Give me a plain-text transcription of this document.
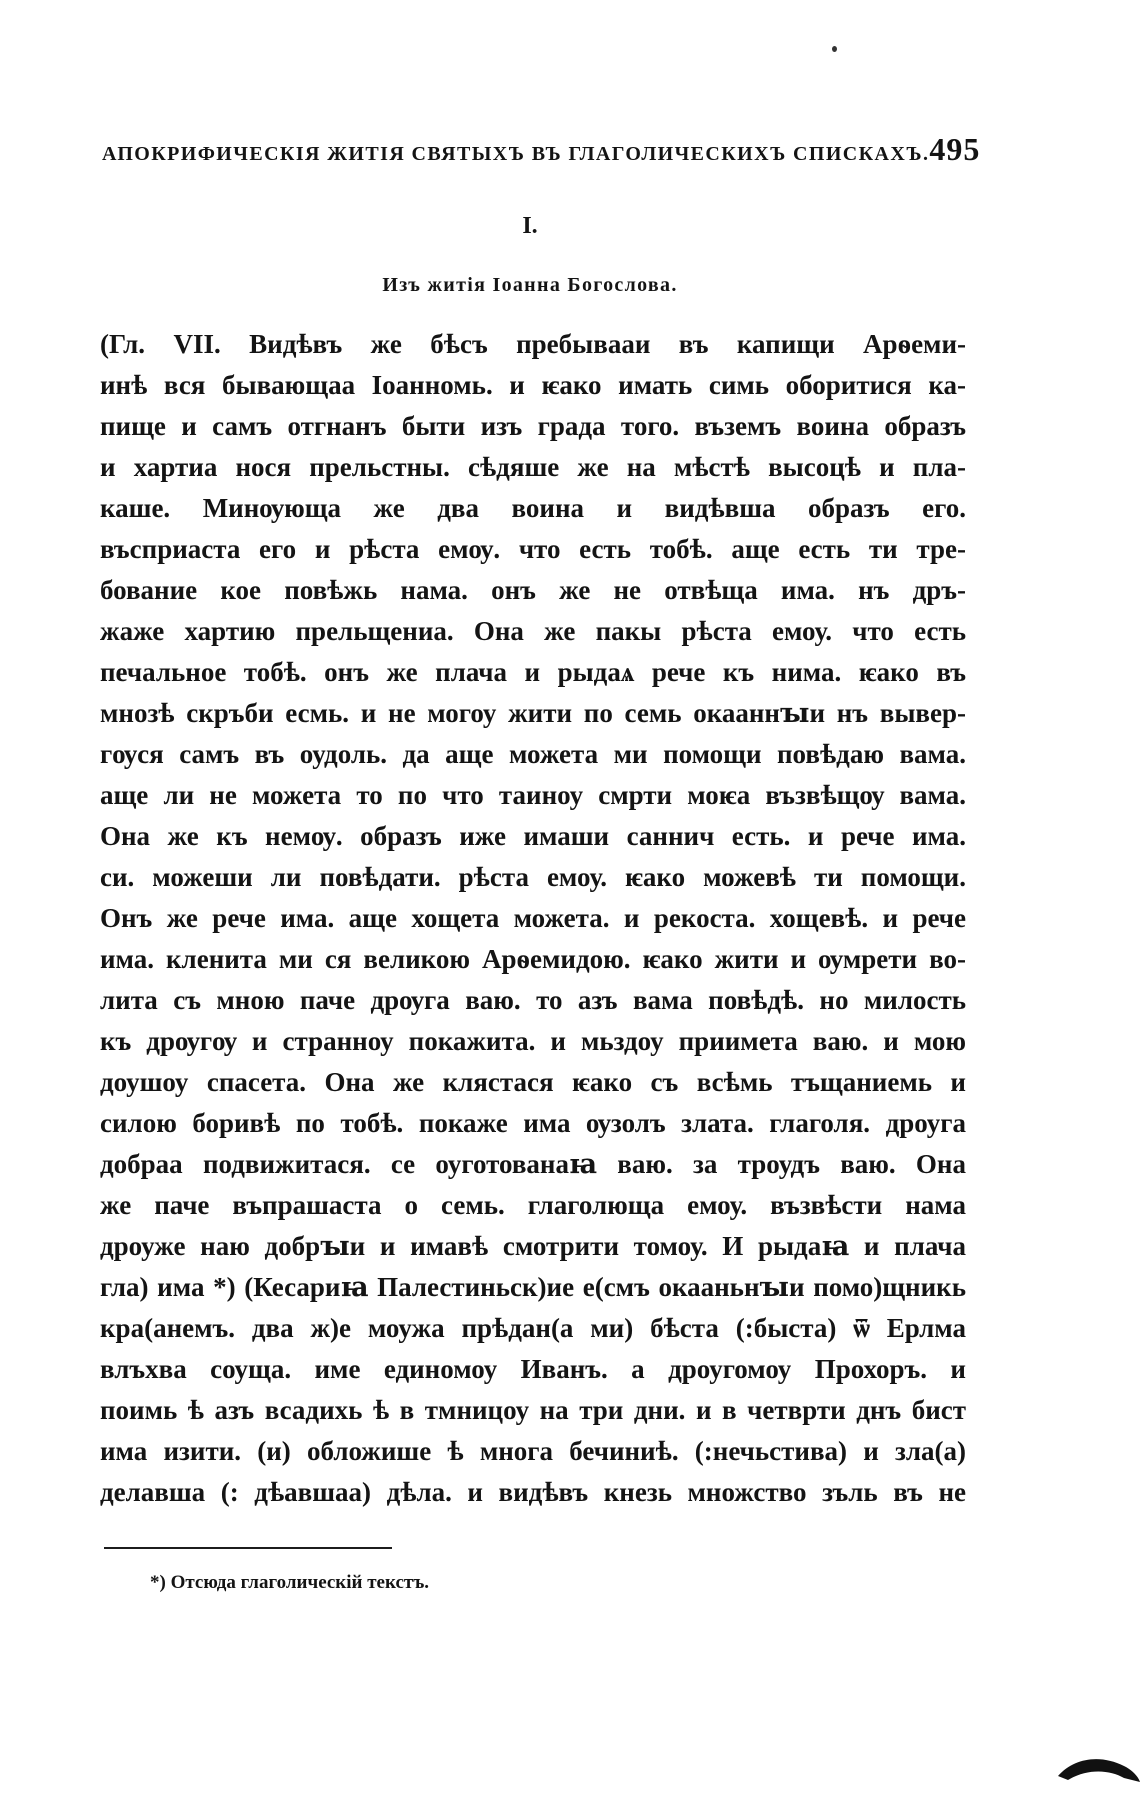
АПОКРИФИЧЕСКIЯ ЖИТIЯ СВЯТЫХЪ ВЪ ГЛАГОЛИЧЕСКИХЪ СПИСКАХЪ. 495
I.
Изъ житія Іоанна Богослова.
(Гл. VII. Видѣвъ же бѣсъ пребывааи въ капищи Арѳеми-
инѣ вся бывающаа Іоанномь. и ѥако имать симь оборитися ка-
пище и самъ отгнанъ быти изъ града того. въземъ воина образъ
и хартиа нося прельстны. сѣдяше же на мѣстѣ высоцѣ и пла-
каше. Минѹюща же два воина и видѣвша образъ его.
въсприаста его и рѣста емѹ. что есть тобѣ. аще есть ти тре-
бование кое повѣжь нама. онъ же не отвѣща има. нъ дръ-
жаже хартию прельщениа. Она же пакы рѣста емоу. что есть
печальное тобѣ. онъ же плача и рыдаѧ рече къ нима. ѥако въ
мнозѣ скръби есмь. и не могоу жити по семь окааннꙑи нъ вывер-
гѹся самъ въ оудоль. да аще можета ми помощи повѣдаю вама.
аще ли не можета то по что таиноу смрти моѥа възвѣщѹ вама.
Она же къ немѹ. образъ иже имаши саннич есть. и рече има.
си. можеши ли повѣдати. рѣста емоу. ѥако можевѣ ти помощи.
Онъ же рече има. аще хощета можета. и рекоста. хощевѣ. и рече
има. кленита ми ся великою Арѳемидою. ѥако жити и ѹмрети во-
лита съ мною паче дрѹга ваю. то азъ вама повѣдѣ. но милость
къ дрѹгѹ и странноу покажита. и мьздоу приимета ваю. и мою
доушоу спасета. Она же клястася ѥако съ всѣмь тъщаниемь и
силою боривѣ по тобѣ. покаже има ѹзолъ злата. глаголя. дроуга
добраа подвижитася. се оуготованаꙗ ваю. за троудъ ваю. Она
же паче въпрашаста о семь. глаголюща емоу. възвѣсти нама
дроуже наю добрꙑи и имавѣ смотрити томоу. И рыдаꙗ и плача
гла) има *) (Кесариꙗ Палестиньск)ие е(смъ окааньнꙑи помо)щникь
кра(анемъ. два ж)е моужа прѣдан(а ми) бѣста (:быста) ѿ Ерлма
влъхва соуща. име единомоу Иванъ. а дроугомоу Прохоръ. и
поимь ѣ азъ всадихь ѣ в тмницоу на три дни. и в четврти днъ бист
има изити. (и) обложише ѣ многа бечиниѣ. (:нечьстива) и зла(а)
делавша (: дѣавшаа) дѣла. и видѣвъ кнезь множство зъль въ не
*) Отсюда глаголическiй текстъ.
